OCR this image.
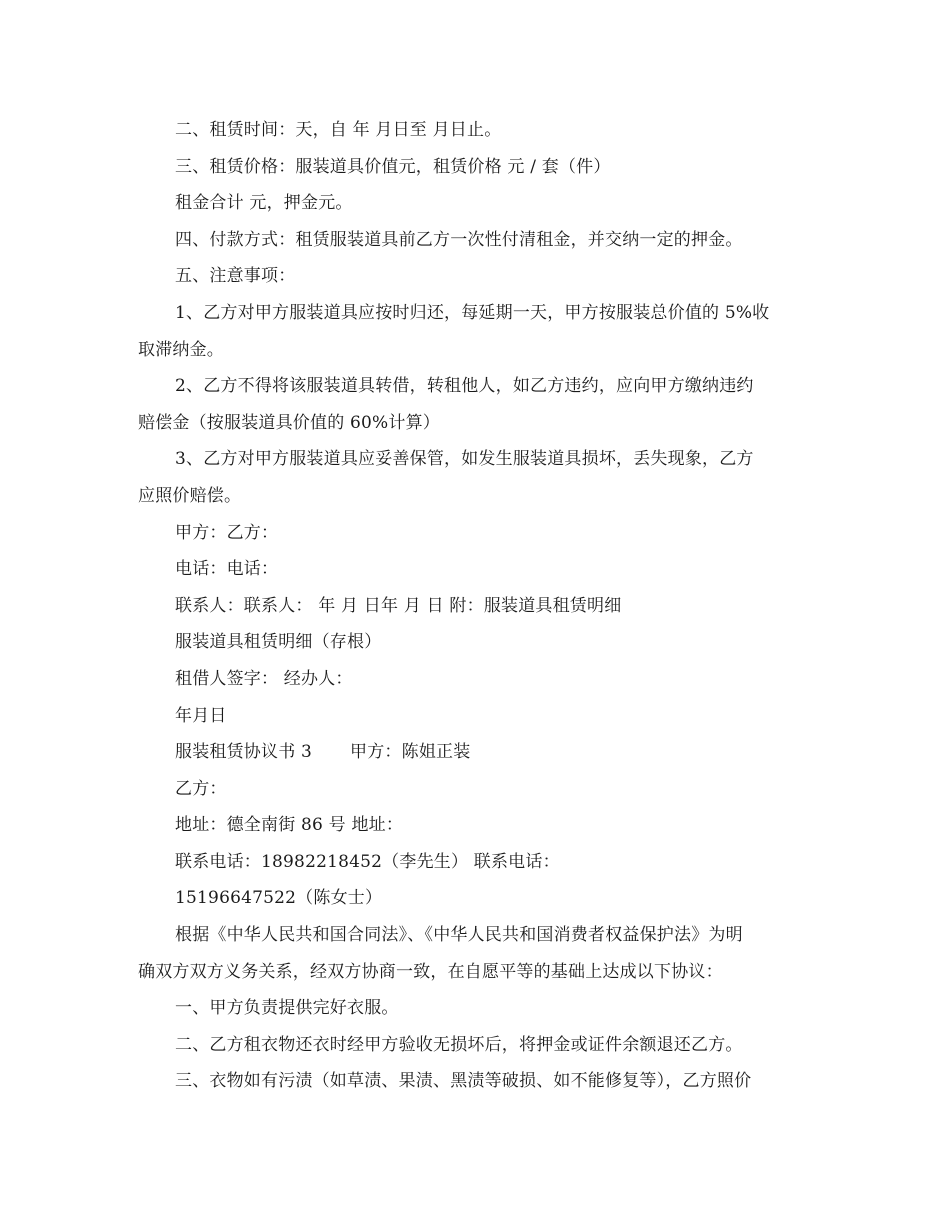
二、租赁时间：天，自 年 月日至 月日止。
三、租赁价格：服装道具价值元，租赁价格 元 / 套（件）
租金合计 元，押金元。
四、付款方式：租赁服装道具前乙方一次性付清租金，并交纳一定的押金。
五、注意事项：
1、乙方对甲方服装道具应按时归还，每延期一天，甲方按服装总价值的 5%收
取滞纳金。
2、乙方不得将该服装道具转借，转租他人，如乙方违约，应向甲方缴纳违约
赔偿金（按服装道具价值的 60%计算）
3、乙方对甲方服装道具应妥善保管，如发生服装道具损坏，丢失现象，乙方
应照价赔偿。
甲方：乙方：
电话：电话：
联系人：联系人： 年 月 日年 月 日 附：服装道具租赁明细
服装道具租赁明细（存根）
租借人签字： 经办人：
年月日
服装租赁协议书 3 甲方：陈姐正装
乙方：
地址：德全南街 86 号 地址：
联系电话：18982218452（李先生） 联系电话：
15196647522（陈女士）
根据《中华人民共和国合同法》、《中华人民共和国消费者权益保护法》为明
确双方双方义务关系，经双方协商一致，在自愿平等的基础上达成以下协议：
一、甲方负责提供完好衣服。
二、乙方租衣物还衣时经甲方验收无损坏后，将押金或证件余额退还乙方。
三、衣物如有污渍（如草渍、果渍、黑渍等破损、如不能修复等），乙方照价
